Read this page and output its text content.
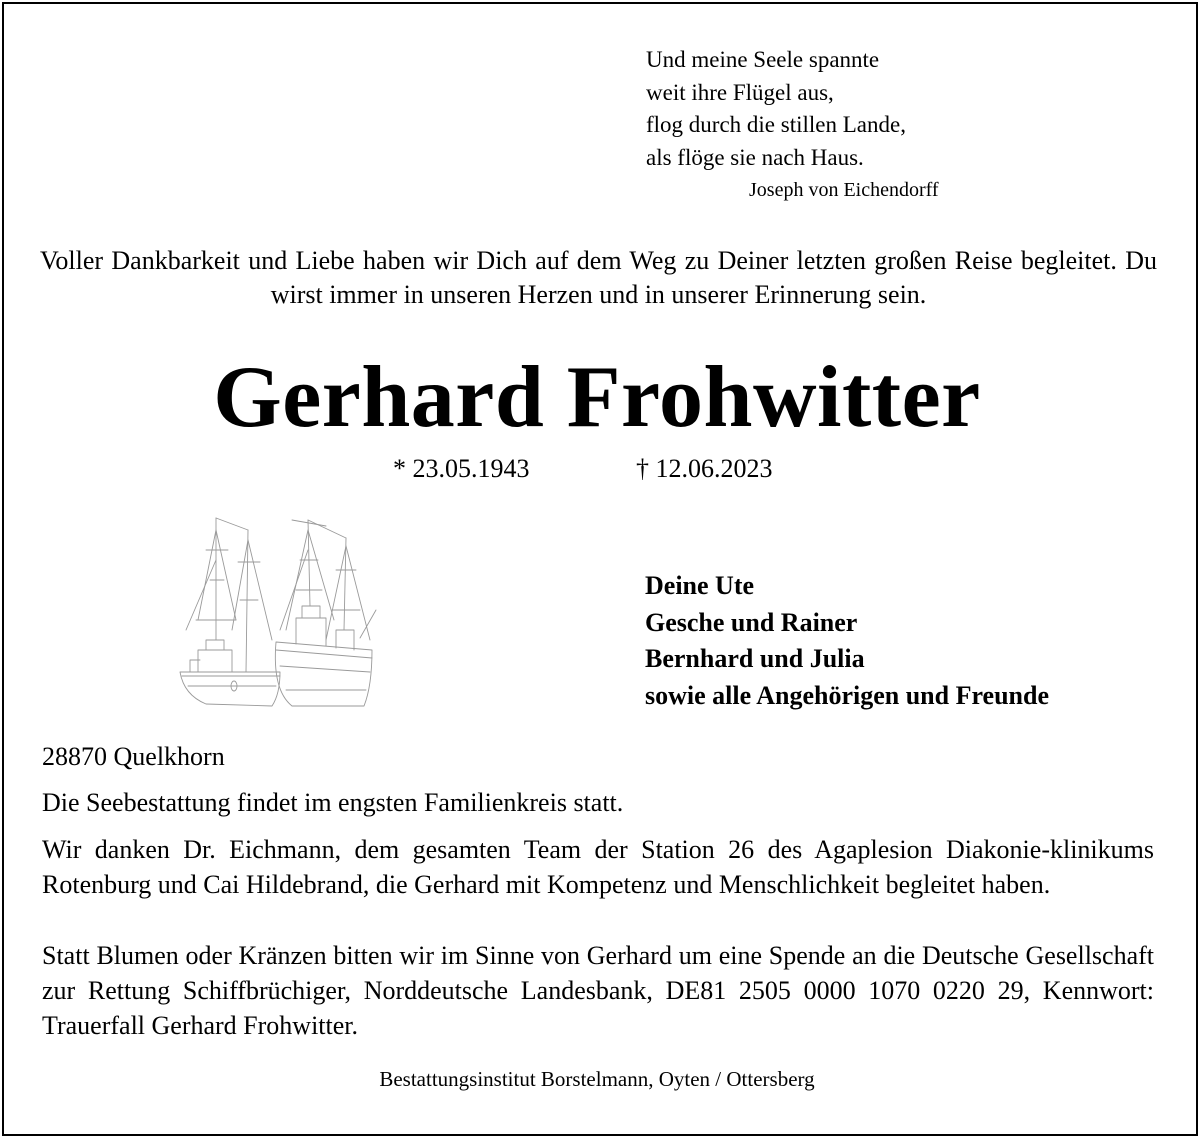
Und meine Seele spannte
weit ihre Flügel aus,
flog durch die stillen Lande,
als flöge sie nach Haus.
Joseph von Eichendorff
Voller Dankbarkeit und Liebe haben wir Dich auf dem Weg zu Deiner letzten großen Reise begleitet. Du wirst immer in unseren Herzen und in unserer Erinnerung sein.
Gerhard Frohwitter
* 23.05.1943	† 12.06.2023
Deine Ute
Gesche und Rainer
Bernhard und Julia
sowie alle Angehörigen und Freunde
28870 Quelkhorn
Die Seebestattung findet im engsten Familienkreis statt.
Wir danken Dr. Eichmann, dem gesamten Team der Station 26 des Agaplesion Diakonie-klinikums Rotenburg und Cai Hildebrand, die Gerhard mit Kompetenz und Menschlichkeit begleitet haben.
Statt Blumen oder Kränzen bitten wir im Sinne von Gerhard um eine Spende an die Deutsche Gesellschaft zur Rettung Schiffbrüchiger, Norddeutsche Landesbank, DE81 2505 0000 1070 0220 29, Kennwort: Trauerfall Gerhard Frohwitter.
Bestattungsinstitut Borstelmann, Oyten / Ottersberg
